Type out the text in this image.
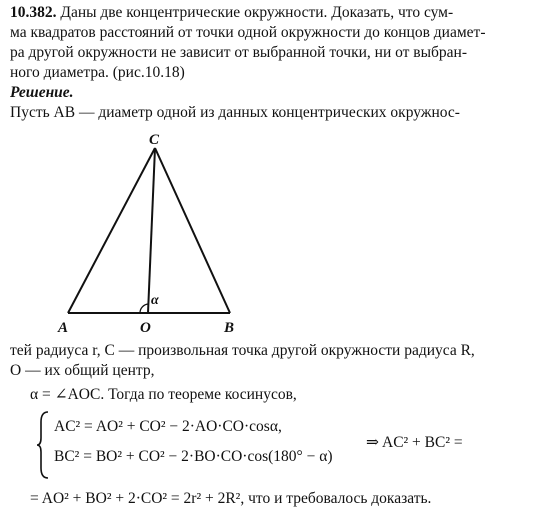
10.382. Даны две концентрические окружности. Доказать, что сум-
ма квадратов расстояний от точки одной окружности до концов диамет-
ра другой окружности не зависит от выбранной точки, ни от выбран-
ного диаметра. (рис.10.18)
Решение.
Пусть AB — диаметр одной из данных концентрических окружнос-
C
A	O	B
α
тей радиуса r, C — произвольная точка другой окружности радиуса R,
O — их общий центр,
α = ∠AOC. Тогда по теореме косинусов,
AC² = AO² + CO² − 2·AO·CO·cosα,
BC² = BO² + CO² − 2·BO·CO·cos(180° − α)
⇒ AC² + BC² =
= AO² + BO² + 2·CO² = 2r² + 2R², что и требовалось доказать.
